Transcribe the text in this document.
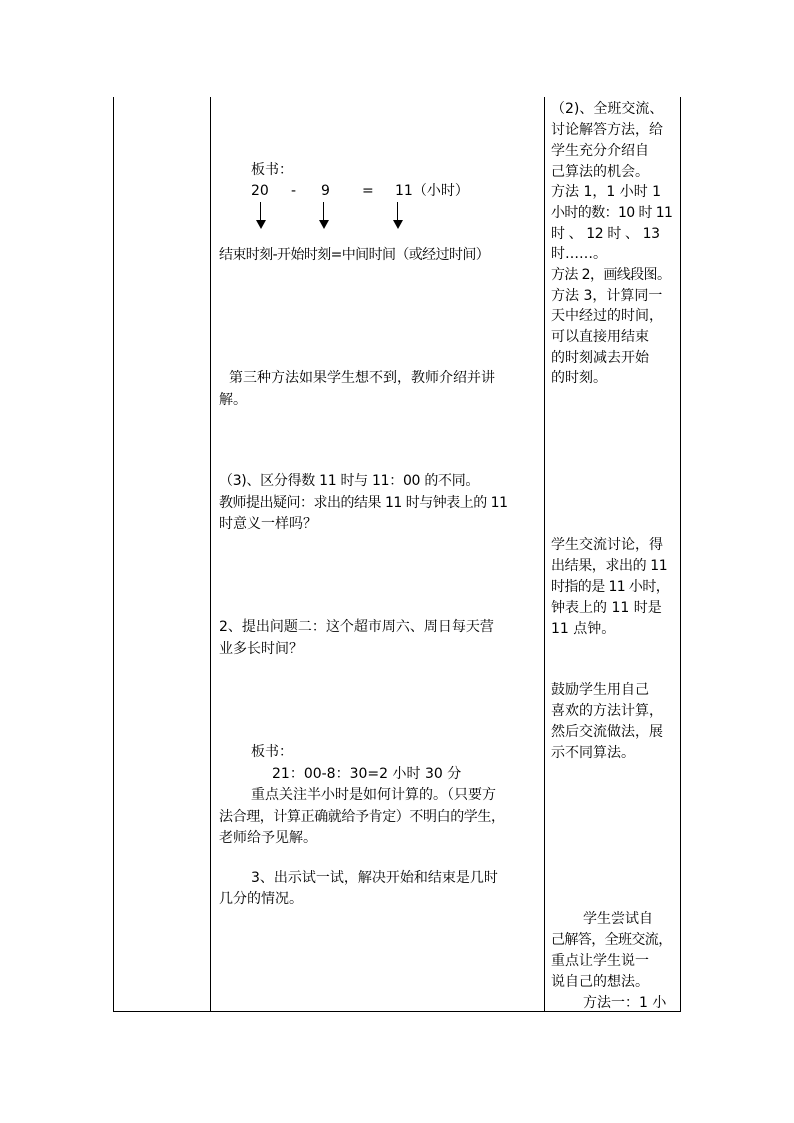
板书：
20 - 9 = 11（小时）
结束时刻-开始时刻=中间时间（或经过时间）
第三种方法如果学生想不到，教师介绍并讲
解。
（3)、区分得数 11 时与 11：00 的不同。
教师提出疑问：求出的结果 11 时与钟表上的 11
时意义一样吗？
2、提出问题二：这个超市周六、周日每天营
业多长时间？
板书：
21：00-8：30=2 小时 30 分
重点关注半小时是如何计算的。（只要方
法合理，计算正确就给予肯定）不明白的学生，
老师给予见解。
3、出示试一试，解决开始和结束是几时
几分的情况。
（2)、全班交流、
讨论解答方法，给
学生充分介绍自
己算法的机会。
方法 1，1 小时 1
小时的数：10 时 11
时 、 12 时 、 13
时……。
方法 2，画线段图。
方法 3，计算同一
天中经过的时间，
可以直接用结束
的时刻减去开始
的时刻。
学生交流讨论，得
出结果，求出的 11
时指的是 11 小时，
钟表上的 11 时是
11 点钟。
鼓励学生用自己
喜欢的方法计算，
然后交流做法，展
示不同算法。
学生尝试自
己解答，全班交流，
重点让学生说一
说自己的想法。
方法一：1 小
